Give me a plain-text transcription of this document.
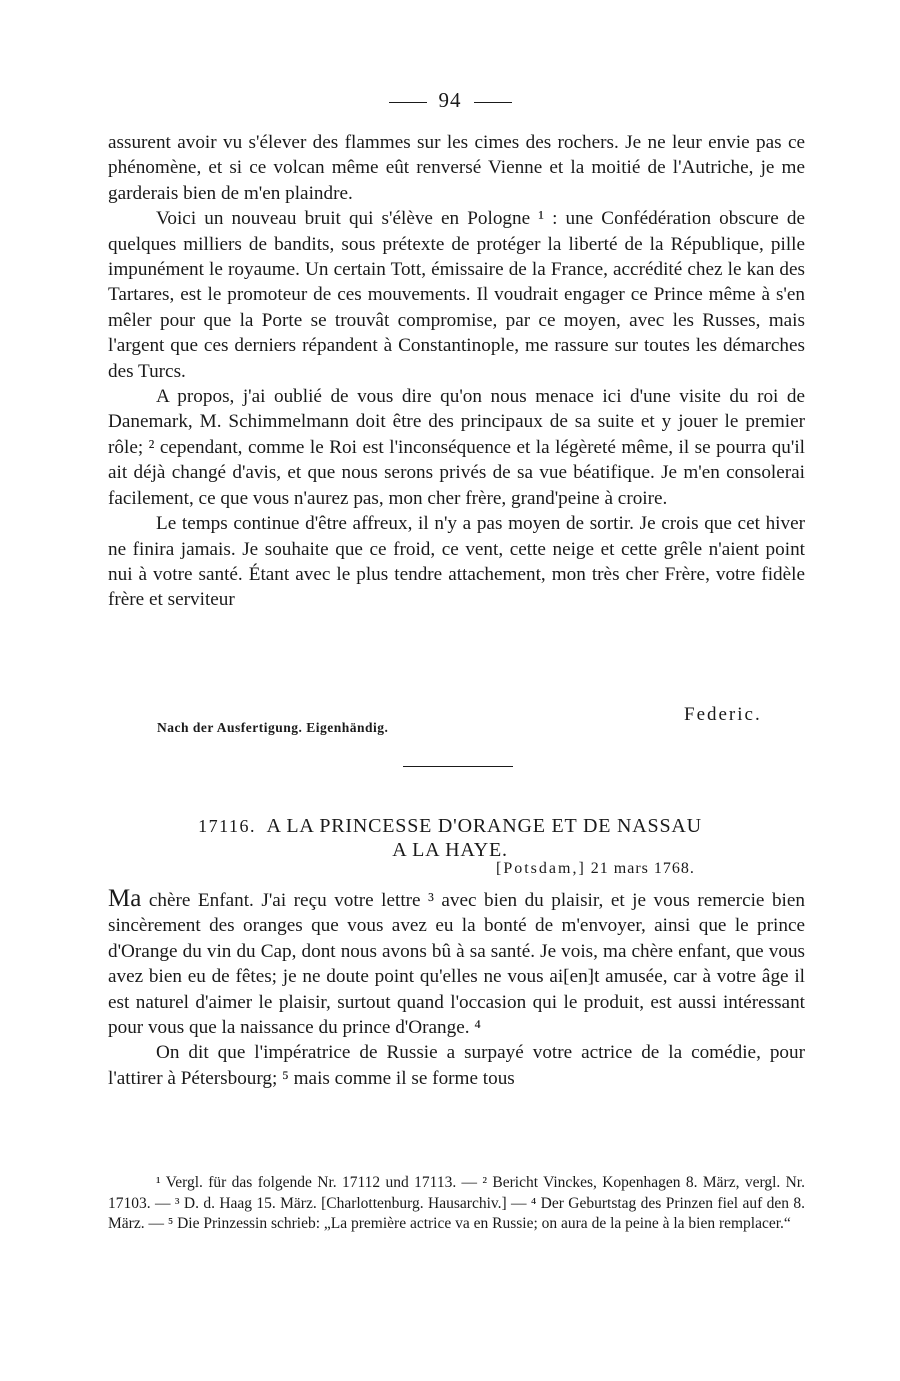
94

assurent avoir vu s'élever des flammes sur les cimes des rochers. Je ne leur envie pas ce phénomène, et si ce volcan même eût renversé Vienne et la moitié de l'Autriche, je me garderais bien de m'en plaindre.

Voici un nouveau bruit qui s'élève en Pologne ¹ : une Confédération obscure de quelques milliers de bandits, sous prétexte de protéger la liberté de la République, pille impunément le royaume. Un certain Tott, émissaire de la France, accrédité chez le kan des Tartares, est le promoteur de ces mouvements. Il voudrait engager ce Prince même à s'en mêler pour que la Porte se trouvât compromise, par ce moyen, avec les Russes, mais l'argent que ces derniers répandent à Constantinople, me rassure sur toutes les démarches des Turcs.

A propos, j'ai oublié de vous dire qu'on nous menace ici d'une visite du roi de Danemark, M. Schimmelmann doit être des principaux de sa suite et y jouer le premier rôle; ² cependant, comme le Roi est l'inconséquence et la légèreté même, il se pourra qu'il ait déjà changé d'avis, et que nous serons privés de sa vue béatifique. Je m'en consolerai facilement, ce que vous n'aurez pas, mon cher frère, grand'peine à croire.

Le temps continue d'être affreux, il n'y a pas moyen de sortir. Je crois que cet hiver ne finira jamais. Je souhaite que ce froid, ce vent, cette neige et cette grêle n'aient point nui à votre santé. Étant avec le plus tendre attachement, mon très cher Frère, votre fidèle frère et serviteur

Federic.
Nach der Ausfertigung. Eigenhändig.
17116. A LA PRINCESSE D'ORANGE ET DE NASSAU
A LA HAYE.
[Potsdam,] 21 mars 1768.

Ma chère Enfant. J'ai reçu votre lettre ³ avec bien du plaisir, et je vous remercie bien sincèrement des oranges que vous avez eu la bonté de m'envoyer, ainsi que le prince d'Orange du vin du Cap, dont nous avons bû à sa santé. Je vois, ma chère enfant, que vous avez bien eu de fêtes; je ne doute point qu'elles ne vous ai[en]t amusée, car à votre âge il est naturel d'aimer le plaisir, surtout quand l'occasion qui le produit, est aussi intéressant pour vous que la naissance du prince d'Orange. ⁴

On dit que l'impératrice de Russie a surpayé votre actrice de la comédie, pour l'attirer à Pétersbourg; ⁵ mais comme il se forme tous

¹ Vergl. für das folgende Nr. 17112 und 17113. — ² Bericht Vinckes, Kopenhagen 8. März, vergl. Nr. 17103. — ³ D. d. Haag 15. März. [Charlottenburg. Hausarchiv.] — ⁴ Der Geburtstag des Prinzen fiel auf den 8. März. — ⁵ Die Prinzessin schrieb: „La première actrice va en Russie; on aura de la peine à la bien remplacer.“
